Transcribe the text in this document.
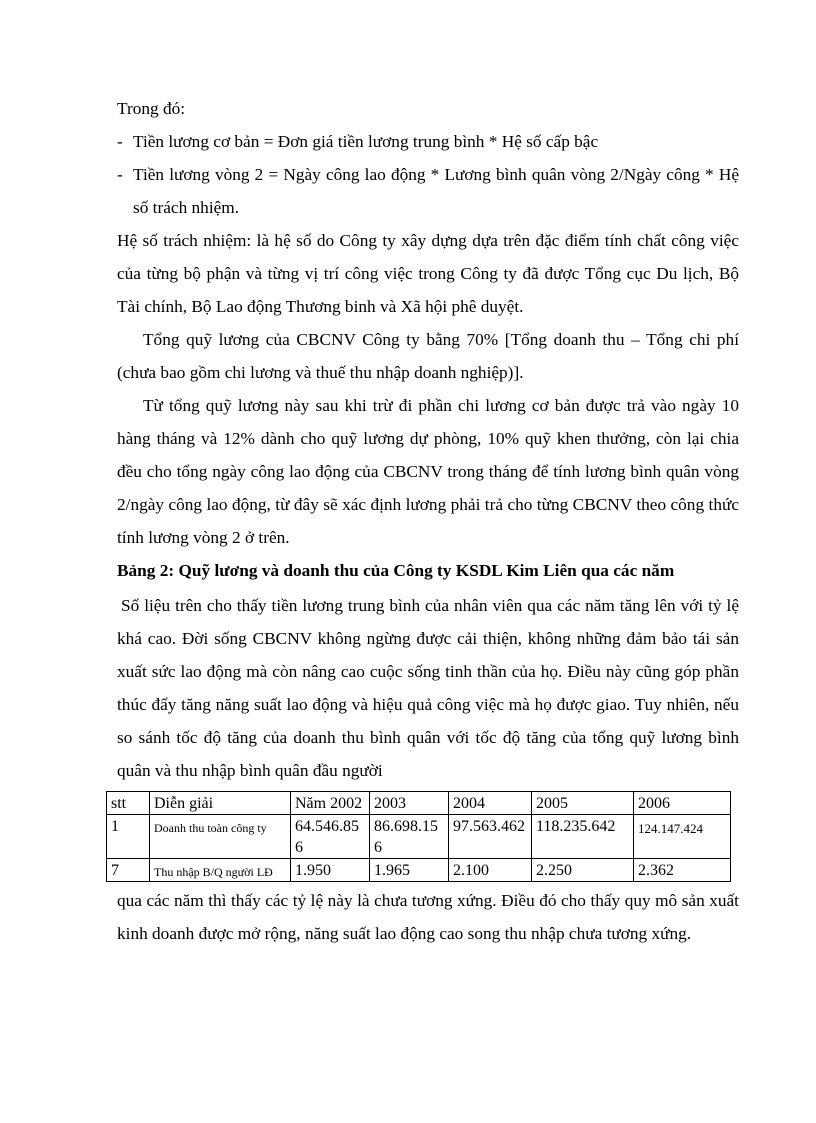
Trong đó:

- Tiền lương cơ bản = Đơn giá tiền lương trung bình * Hệ số cấp bậc

- Tiền lương vòng 2 = Ngày công lao động * Lương bình quân vòng 2/Ngày công * Hệ số trách nhiệm.

Hệ số trách nhiệm: là hệ số do Công ty xây dựng dựa trên đặc điểm tính chất công việc của từng bộ phận và từng vị trí công việc trong Công ty đã được Tổng cục Du lịch, Bộ Tài chính, Bộ Lao động Thương binh và Xã hội phê duyệt.

Tổng quỹ lương của CBCNV Công ty bằng 70% [Tổng doanh thu – Tổng chi phí (chưa bao gồm chi lương và thuế thu nhập doanh nghiệp)].

Từ tổng quỹ lương này sau khi trừ đi phần chi lương cơ bản được trả vào ngày 10 hàng tháng và 12% dành cho quỹ lương dự phòng, 10% quỹ khen thưởng, còn lại chia đều cho tổng ngày công lao động của CBCNV trong tháng để tính lương bình quân vòng 2/ngày công lao động, từ đây sẽ xác định lương phải trả cho từng CBCNV theo công thức tính lương vòng 2 ở trên.

Bảng 2: Quỹ lương và doanh thu của Công ty KSDL Kim Liên qua các năm

Số liệu trên cho thấy tiền lương trung bình của nhân viên qua các năm tăng lên với tỷ lệ khá cao. Đời sống CBCNV không ngừng được cải thiện, không những đảm bảo tái sản xuất sức lao động mà còn nâng cao cuộc sống tinh thần của họ. Điều này cũng góp phần thúc đẩy tăng năng suất lao động và hiệu quả công việc mà họ được giao. Tuy nhiên, nếu so sánh tốc độ tăng của doanh thu bình quân với tốc độ tăng của tổng quỹ lương bình quân và thu nhập bình quân đầu người

stt	Diễn giải	Năm 2002	2003	2004	2005	2006
1	Doanh thu toàn công ty	64.546.856	86.698.156	97.563.462	118.235.642	124.147.424
7	Thu nhập B/Q người LĐ	1.950	1.965	2.100	2.250	2.362

qua các năm thì thấy các tỷ lệ này là chưa tương xứng. Điều đó cho thấy quy mô sản xuất kinh doanh được mở rộng, năng suất lao động cao song thu nhập chưa tương xứng.
